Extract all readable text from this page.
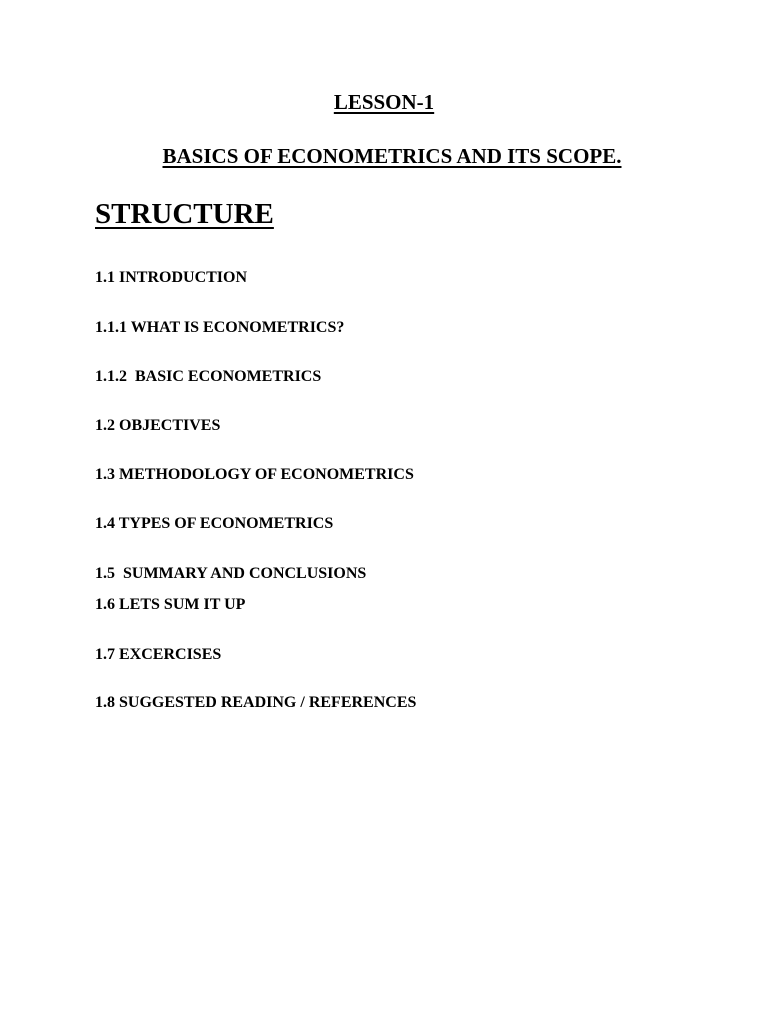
LESSON-1
BASICS OF ECONOMETRICS AND ITS SCOPE.
STRUCTURE
1.1 INTRODUCTION
1.1.1 WHAT IS ECONOMETRICS?
1.1.2  BASIC ECONOMETRICS
1.2 OBJECTIVES
1.3 METHODOLOGY OF ECONOMETRICS
1.4 TYPES OF ECONOMETRICS
1.5  SUMMARY AND CONCLUSIONS
1.6 LETS SUM IT UP
1.7 EXCERCISES
1.8 SUGGESTED READING / REFERENCES
